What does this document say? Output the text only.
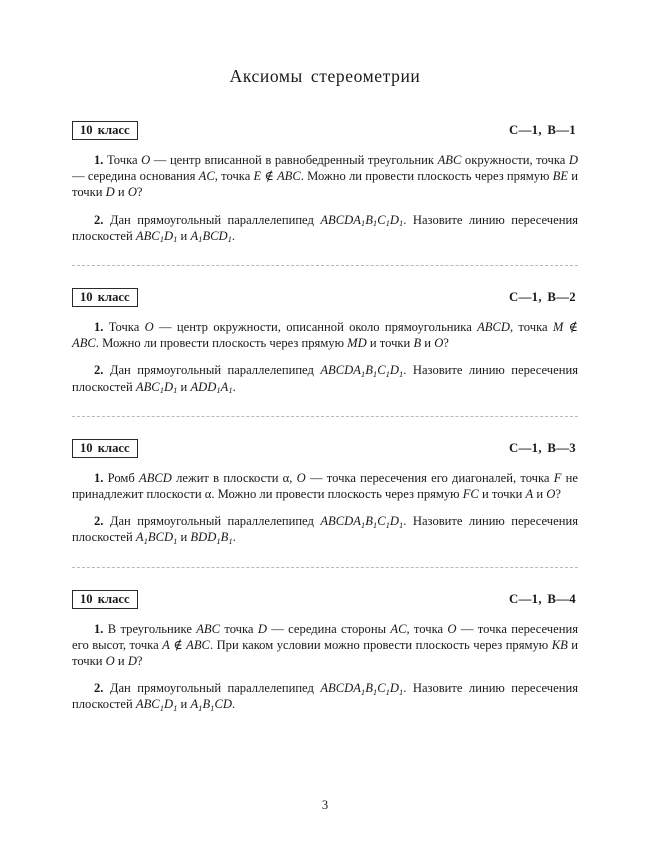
Аксиомы стереометрии
10 класс	С—1, В—1

1. Точка O — центр вписанной в равнобедренный треугольник ABC окружности, точка D — середина основания AC, точка E ∉ ABC. Можно ли провести плоскость через прямую BE и точки D и O?

2. Дан прямоугольный параллелепипед $ABCDA_1B_1C_1D_1$. Назовите линию пересечения плоскостей $ABC_1D_1$ и $A_1BCD_1$.

10 класс	С—1, В—2

1. Точка O — центр окружности, описанной около прямоугольника ABCD, точка M ∉ ABC. Можно ли провести плоскость через прямую MD и точки B и O?

2. Дан прямоугольный параллелепипед $ABCDA_1B_1C_1D_1$. Назовите линию пересечения плоскостей $ABC_1D_1$ и $ADD_1A_1$.

10 класс	С—1, В—3

1. Ромб ABCD лежит в плоскости α, O — точка пересечения его диагоналей, точка F не принадлежит плоскости α. Можно ли провести плоскость через прямую FC и точки A и O?

2. Дан прямоугольный параллелепипед $ABCDA_1B_1C_1D_1$. Назовите линию пересечения плоскостей $A_1BCD_1$ и $BDD_1B_1$.

10 класс	С—1, В—4

1. В треугольнике ABC точка D — середина стороны AC, точка O — точка пересечения его высот, точка A ∉ ABC. При каком условии можно провести плоскость через прямую KB и точки O и D?

2. Дан прямоугольный параллелепипед $ABCDA_1B_1C_1D_1$. Назовите линию пересечения плоскостей $ABC_1D_1$ и $A_1B_1CD$.

3
